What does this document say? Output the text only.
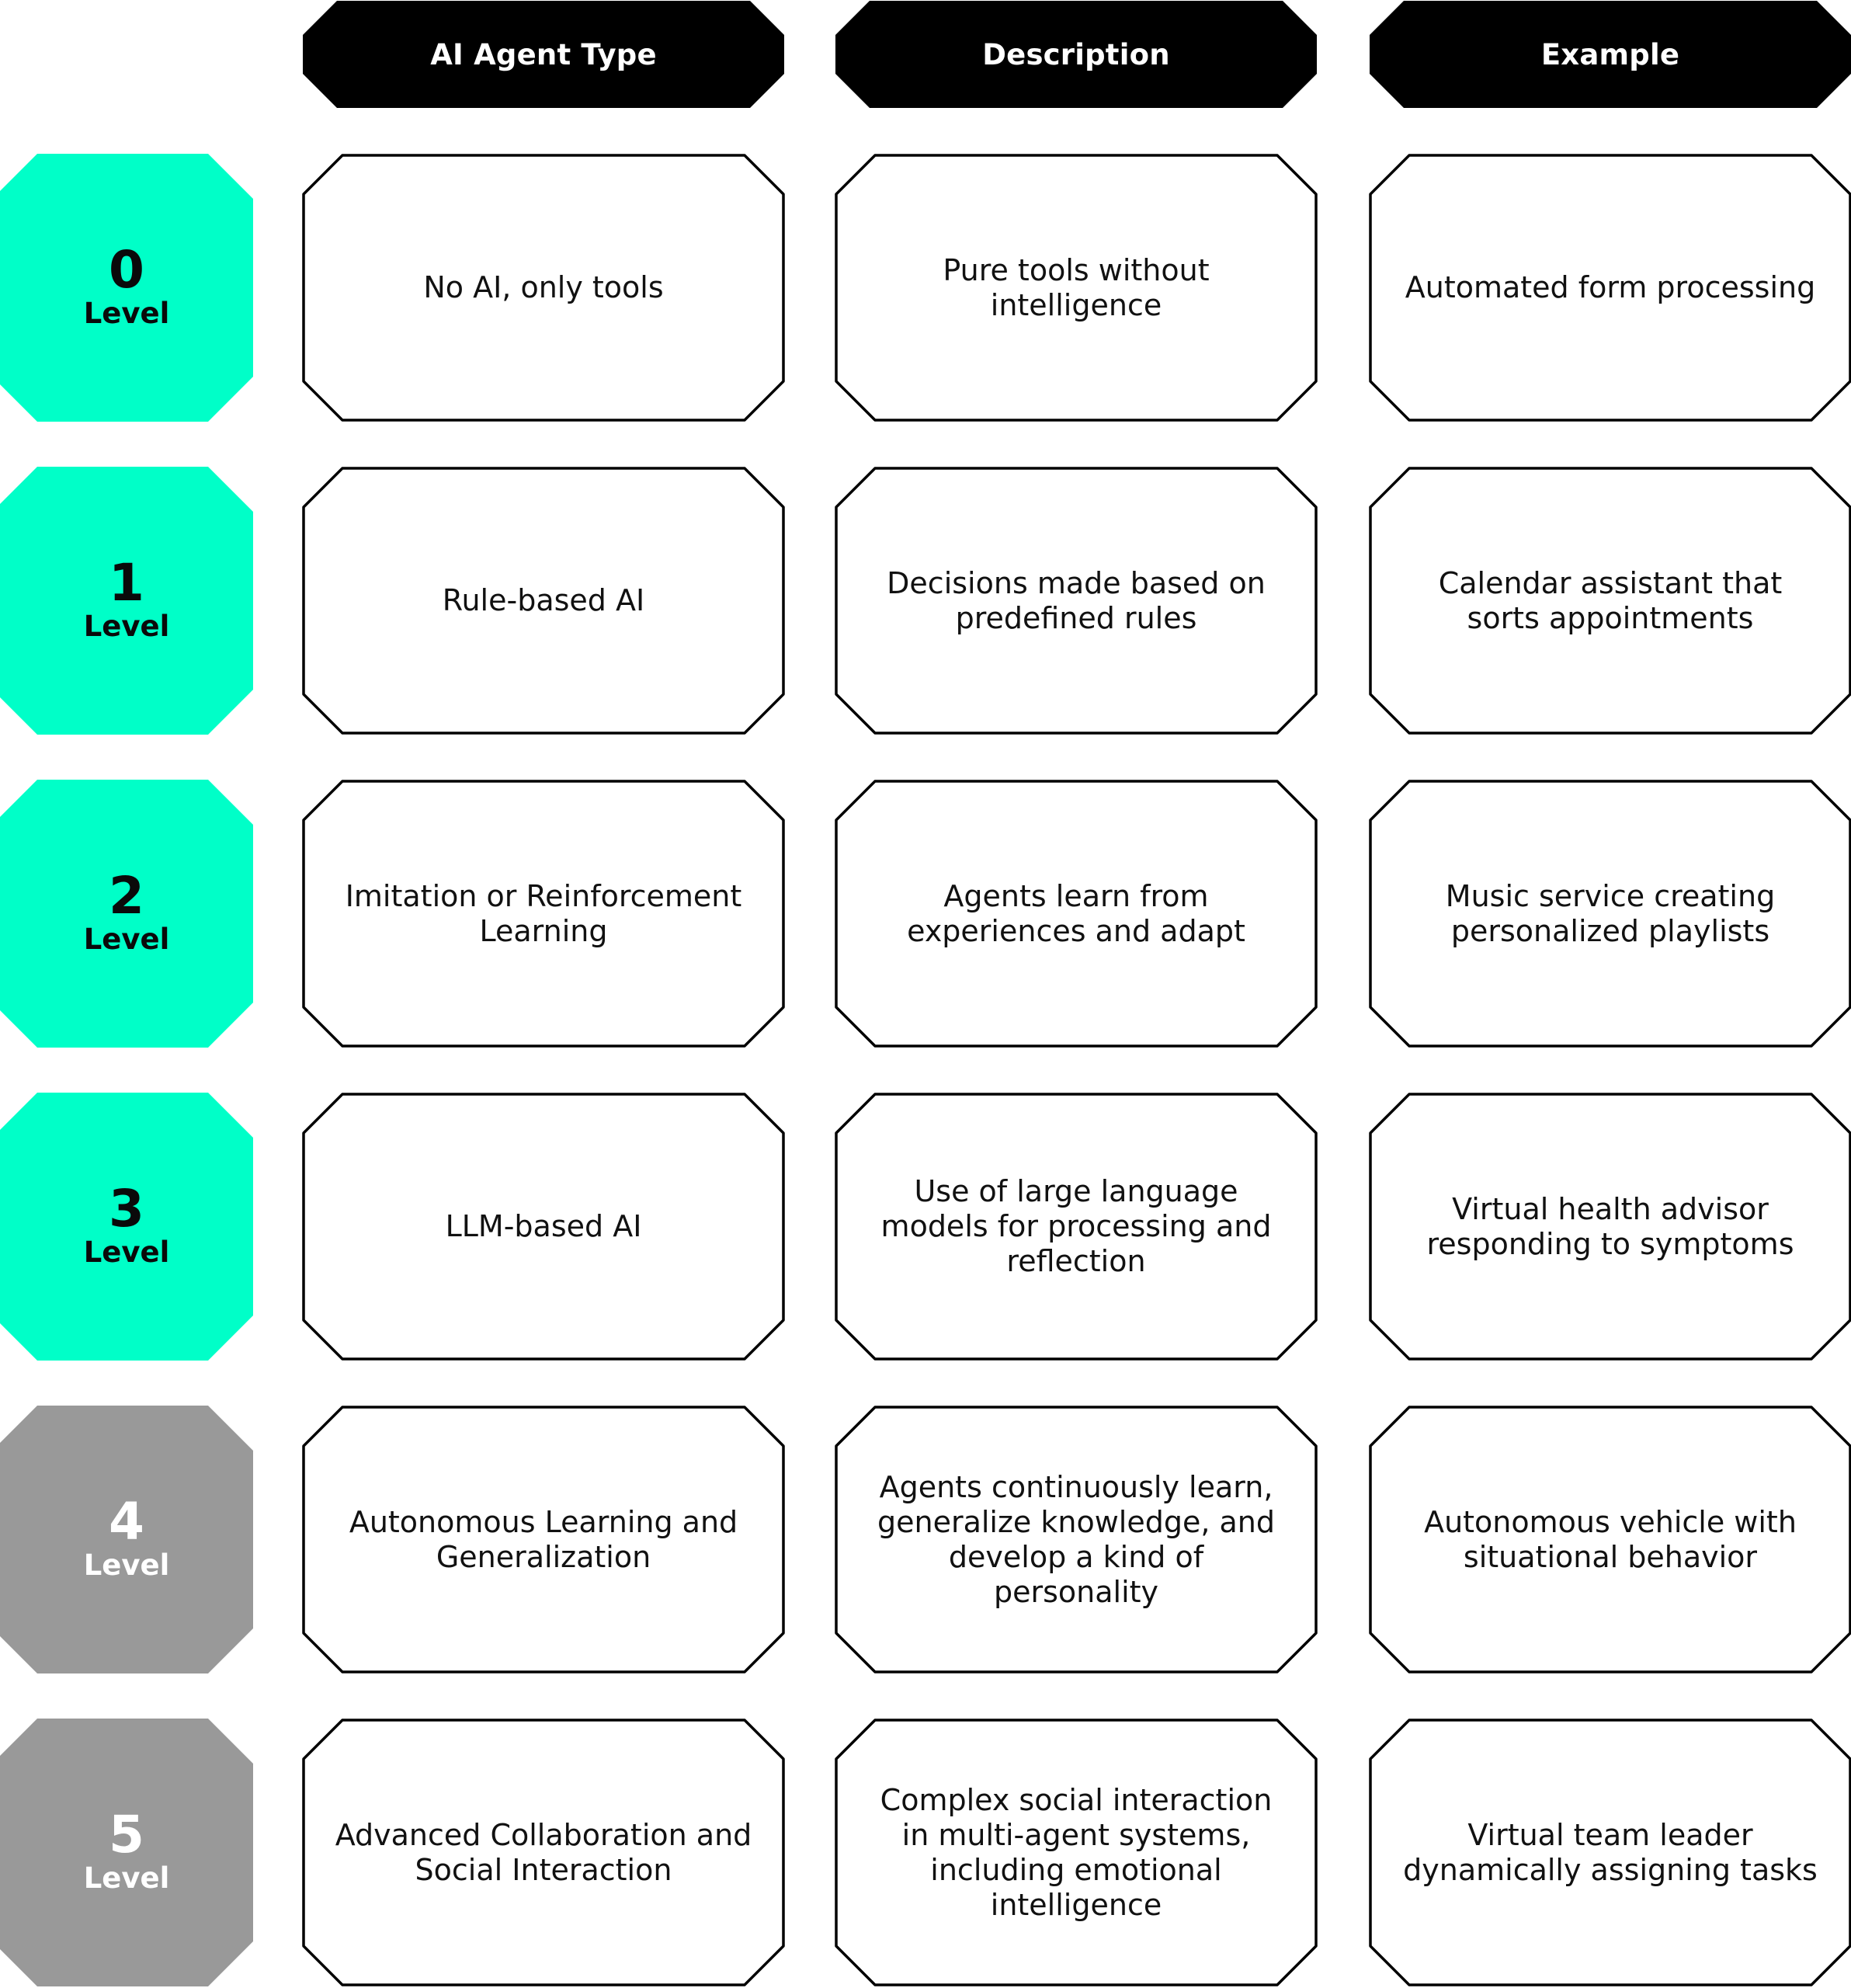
AI Agent Type	Description	Example
0
Level
No AI, only tools
Pure tools without intelligence
Automated form processing
1
Level
Rule-based AI
Decisions made based on predefined rules
Calendar assistant that sorts appointments
2
Level
Imitation or Reinforcement Learning
Agents learn from experiences and adapt
Music service creating personalized playlists
3
Level
LLM-based AI
Use of large language models for processing and reflection
Virtual health advisor responding to symptoms
4
Level
Autonomous Learning and Generalization
Agents continuously learn, generalize knowledge, and develop a kind of personality
Autonomous vehicle with situational behavior
5
Level
Advanced Collaboration and Social Interaction
Complex social interaction in multi-agent systems, including emotional intelligence
Virtual team leader dynamically assigning tasks
